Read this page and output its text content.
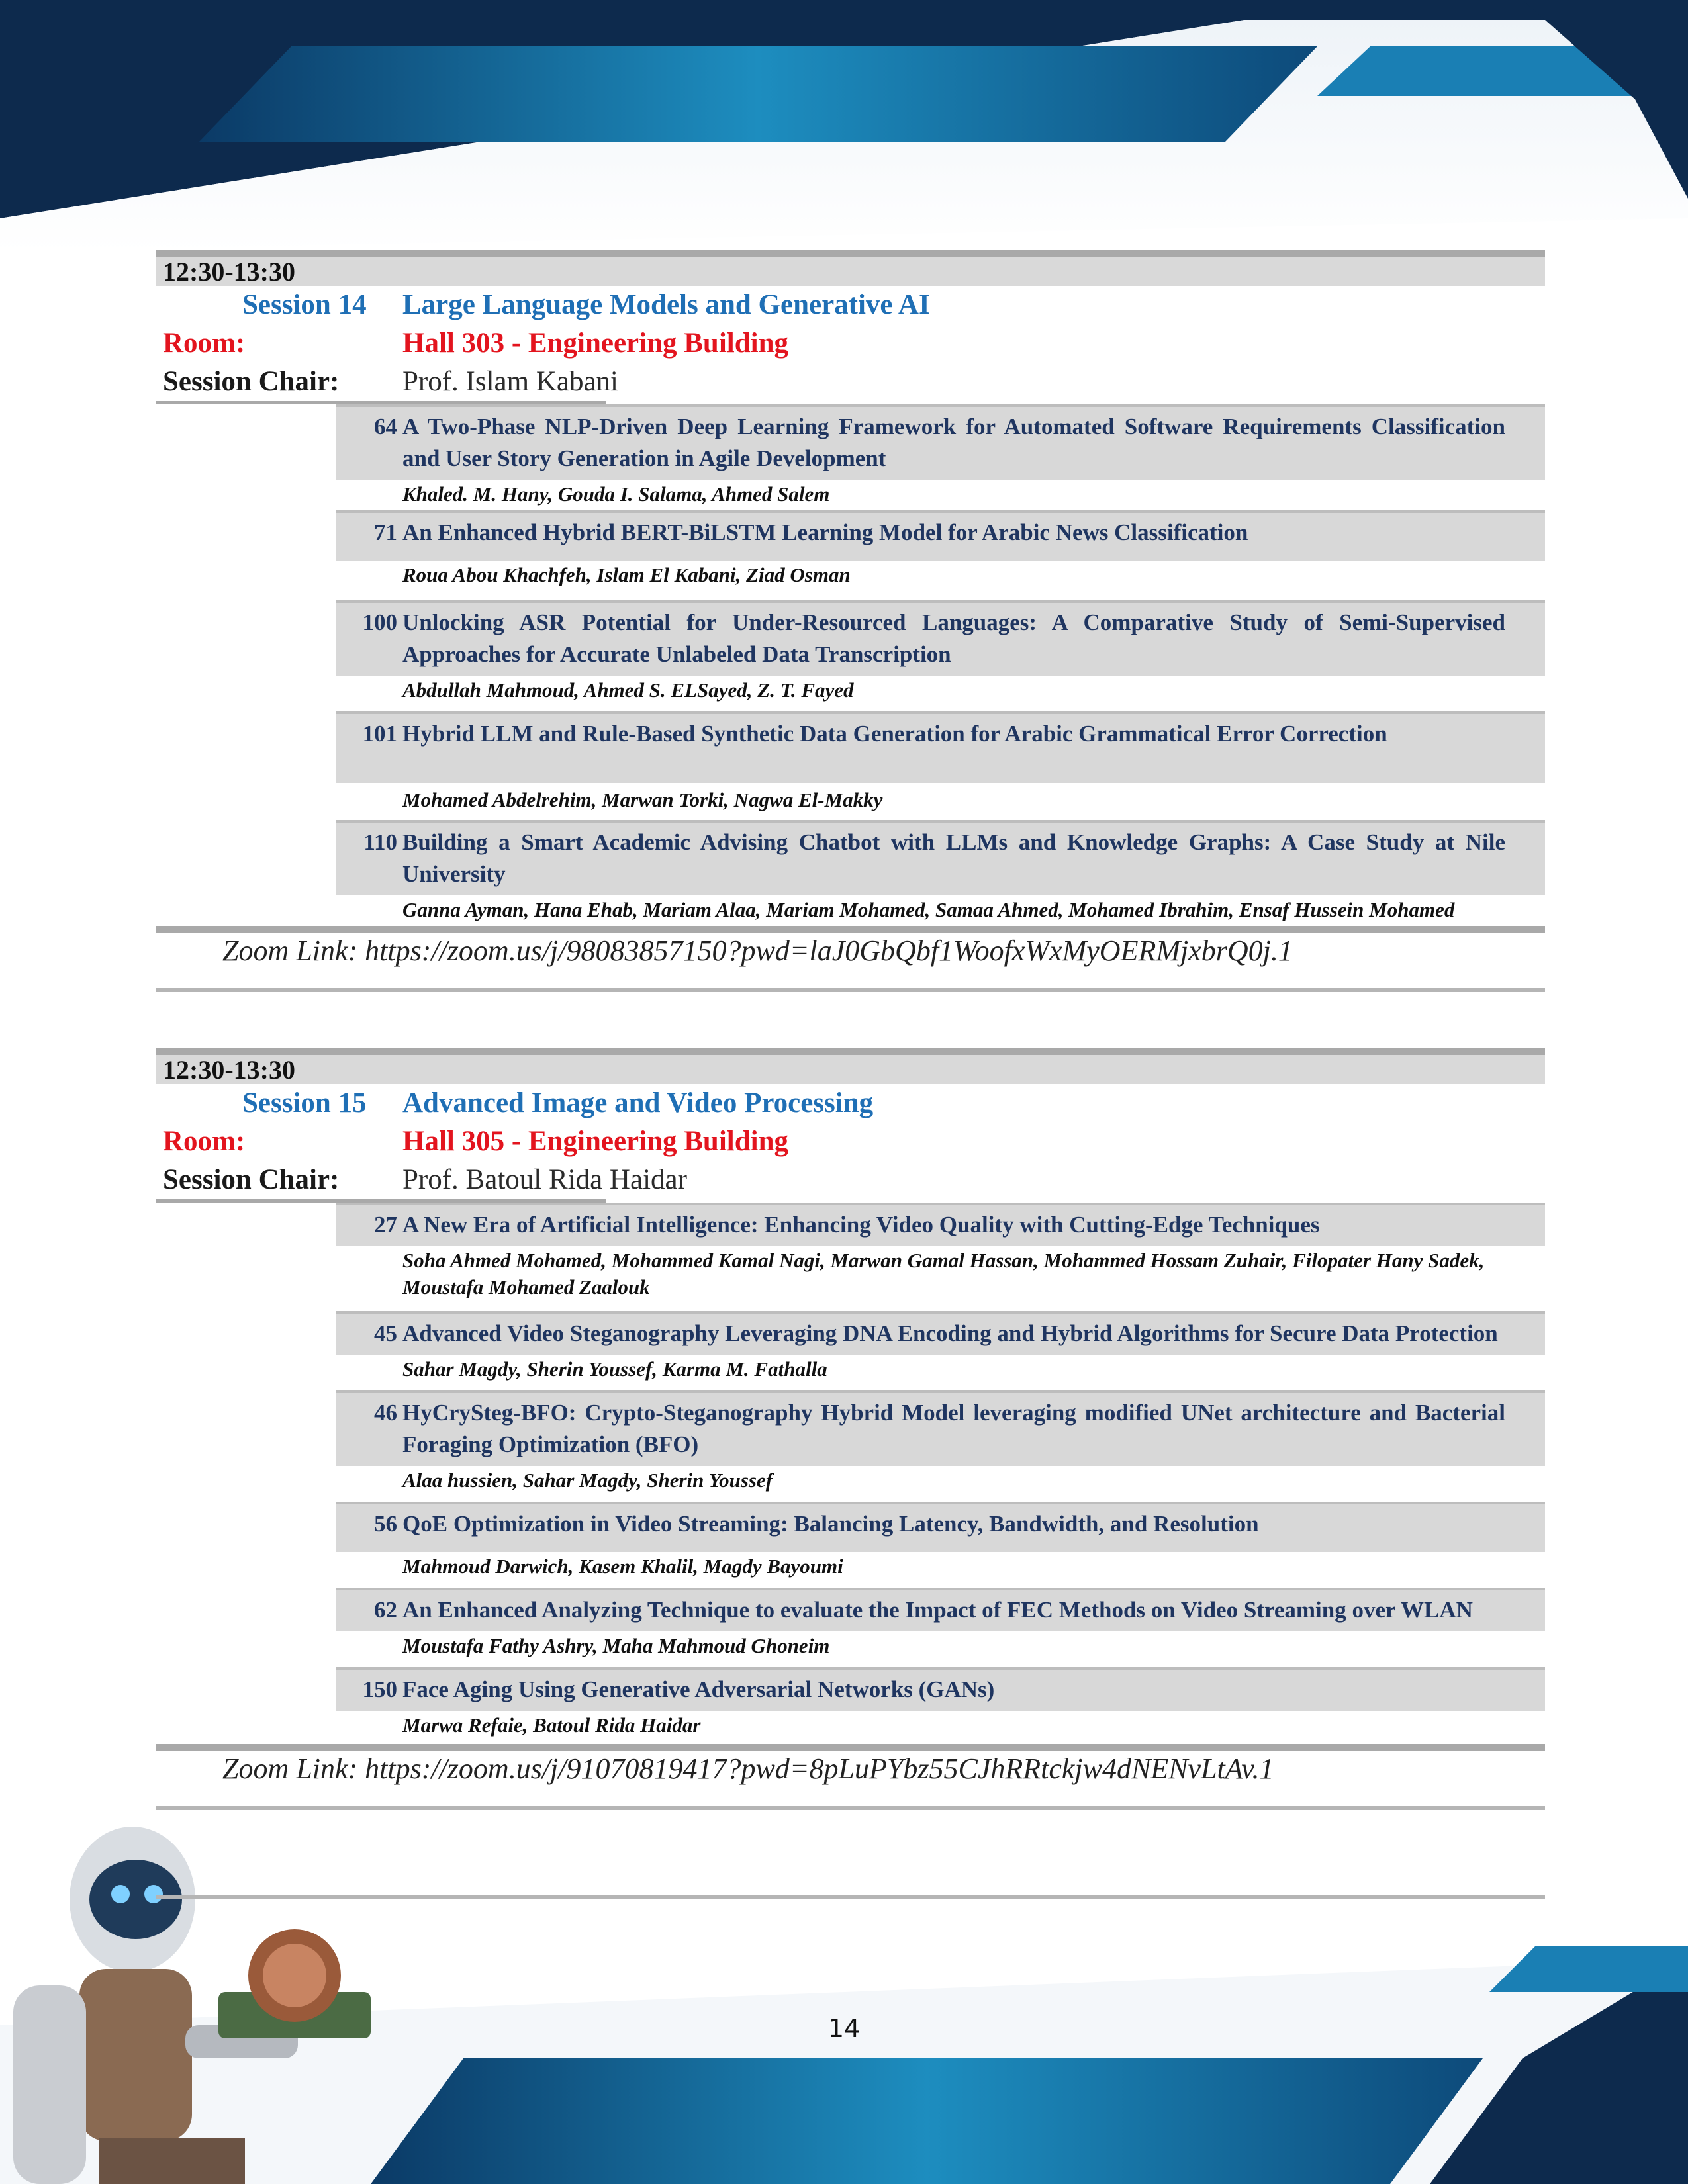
12:30-13:30
Session 14 Large Language Models and Generative AI
Room:	Hall 303 - Engineering Building
Session Chair: Prof. Islam Kabani
64 A Two-Phase NLP-Driven Deep Learning Framework for Automated Software Requirements Classification and User Story Generation in Agile Development
Khaled. M. Hany, Gouda I. Salama, Ahmed Salem
71 An Enhanced Hybrid BERT-BiLSTM Learning Model for Arabic News Classification
Roua Abou Khachfeh, Islam El Kabani, Ziad Osman
100 Unlocking ASR Potential for Under-Resourced Languages: A Comparative Study of Semi-Supervised Approaches for Accurate Unlabeled Data Transcription
Abdullah Mahmoud, Ahmed S. ELSayed, Z. T. Fayed
101 Hybrid LLM and Rule-Based Synthetic Data Generation for Arabic Grammatical Error Correction
Mohamed Abdelrehim, Marwan Torki, Nagwa El-Makky
110 Building a Smart Academic Advising Chatbot with LLMs and Knowledge Graphs: A Case Study at Nile University
Ganna Ayman, Hana Ehab, Mariam Alaa, Mariam Mohamed, Samaa Ahmed, Mohamed Ibrahim, Ensaf Hussein Mohamed
Zoom Link: https://zoom.us/j/98083857150?pwd=laJ0GbQbf1WoofxWxMyOERMjxbrQ0j.1
12:30-13:30
Session 15 Advanced Image and Video Processing
Room:	Hall 305 - Engineering Building
Session Chair: Prof. Batoul Rida Haidar
27 A New Era of Artificial Intelligence: Enhancing Video Quality with Cutting-Edge Techniques
Soha Ahmed Mohamed, Mohammed Kamal Nagi, Marwan Gamal Hassan, Mohammed Hossam Zuhair, Filopater Hany Sadek, Moustafa Mohamed Zaalouk
45 Advanced Video Steganography Leveraging DNA Encoding and Hybrid Algorithms for Secure Data Protection
Sahar Magdy, Sherin Youssef, Karma M. Fathalla
46 HyCrySteg-BFO: Crypto-Steganography Hybrid Model leveraging modified UNet architecture and Bacterial Foraging Optimization (BFO)
Alaa hussien, Sahar Magdy, Sherin Youssef
56 QoE Optimization in Video Streaming: Balancing Latency, Bandwidth, and Resolution
Mahmoud Darwich, Kasem Khalil, Magdy Bayoumi
62 An Enhanced Analyzing Technique to evaluate the Impact of FEC Methods on Video Streaming over WLAN
Moustafa Fathy Ashry, Maha Mahmoud Ghoneim
150 Face Aging Using Generative Adversarial Networks (GANs)
Marwa Refaie, Batoul Rida Haidar
Zoom Link: https://zoom.us/j/91070819417?pwd=8pLuPYbz55CJhRRtckjw4dNENvLtAv.1
14
